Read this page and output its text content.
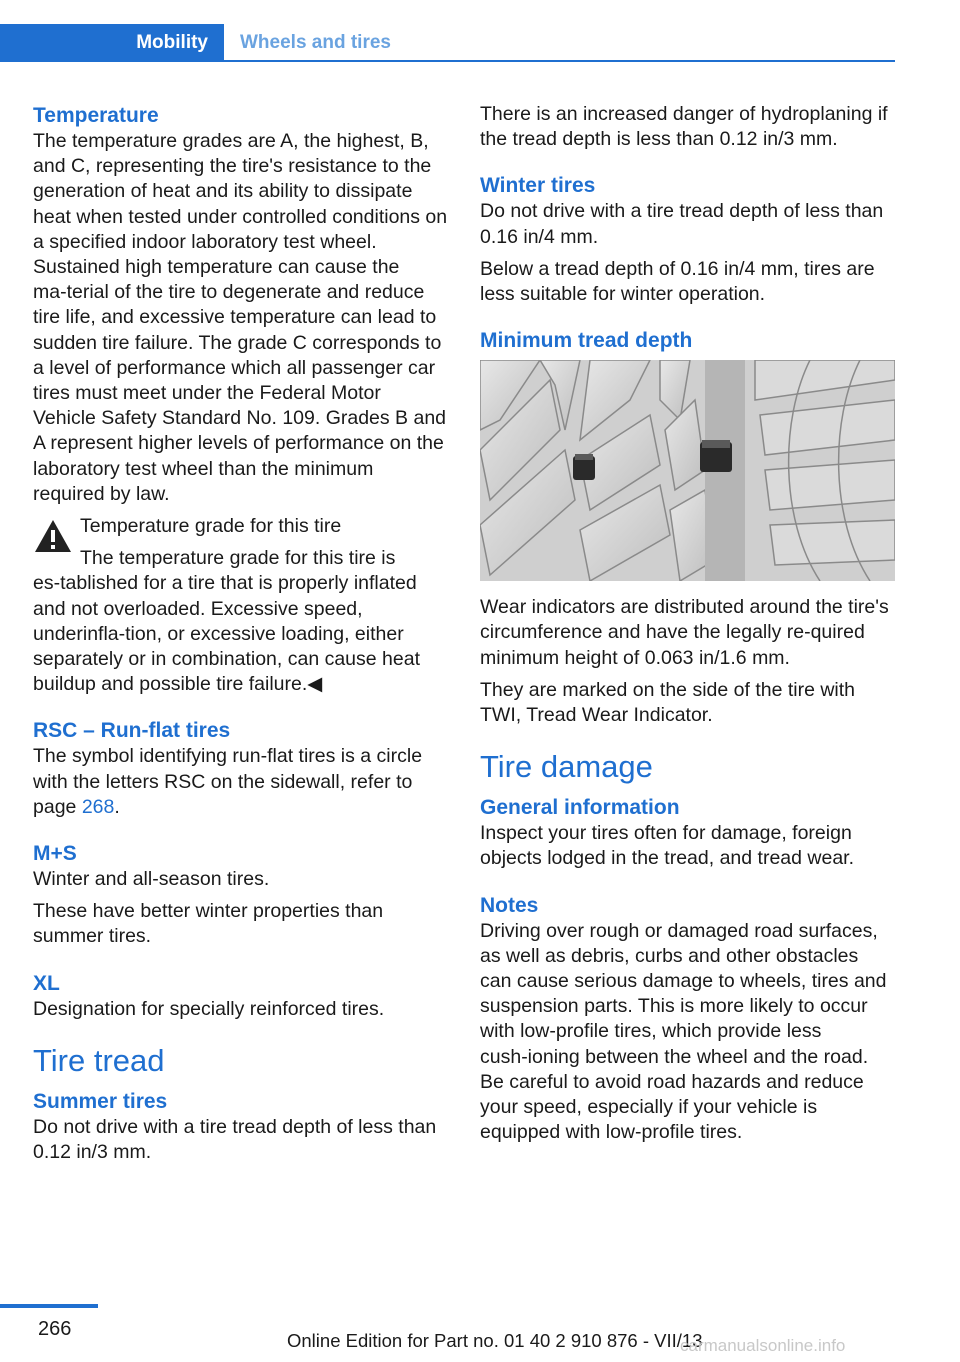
Mobility	Wheels and tires
Temperature

The temperature grades are A, the highest, B, and C, representing the tire's resistance to the generation of heat and its ability to dissipate heat when tested under controlled conditions on a specified indoor laboratory test wheel. Sustained high temperature can cause the ma‑terial of the tire to degenerate and reduce tire life, and excessive temperature can lead to sudden tire failure. The grade C corresponds to a level of performance which all passenger car tires must meet under the Federal Motor Vehicle Safety Standard No. 109. Grades B and A represent higher levels of performance on the laboratory test wheel than the minimum required by law.

Temperature grade for this tire

The temperature grade for this tire is es‑tablished for a tire that is properly inflated and not overloaded. Excessive speed, underinfla‑tion, or excessive loading, either separately or in combination, can cause heat buildup and possible tire failure.◀

RSC – Run-flat tires

The symbol identifying run-flat tires is a circle with the letters RSC on the sidewall, refer to page 268.

M+S

Winter and all-season tires.

These have better winter properties than summer tires.

XL

Designation for specially reinforced tires.

Tire tread
Summer tires

Do not drive with a tire tread depth of less than 0.12 in/3 mm.

There is an increased danger of hydroplaning if the tread depth is less than 0.12 in/3 mm.

Winter tires

Do not drive with a tire tread depth of less than 0.16 in/4 mm.

Below a tread depth of 0.16 in/4 mm, tires are less suitable for winter operation.

Minimum tread depth

Wear indicators are distributed around the tire's circumference and have the legally re‑quired minimum height of 0.063 in/1.6 mm.

They are marked on the side of the tire with TWI, Tread Wear Indicator.

Tire damage
General information

Inspect your tires often for damage, foreign objects lodged in the tread, and tread wear.

Notes

Driving over rough or damaged road surfaces, as well as debris, curbs and other obstacles can cause serious damage to wheels, tires and suspension parts. This is more likely to occur with low-profile tires, which provide less cush‑ioning between the wheel and the road. Be careful to avoid road hazards and reduce your speed, especially if your vehicle is equipped with low-profile tires.

266
Online Edition for Part no. 01 40 2 910 876 - VII/13
carmanualsonline.info
